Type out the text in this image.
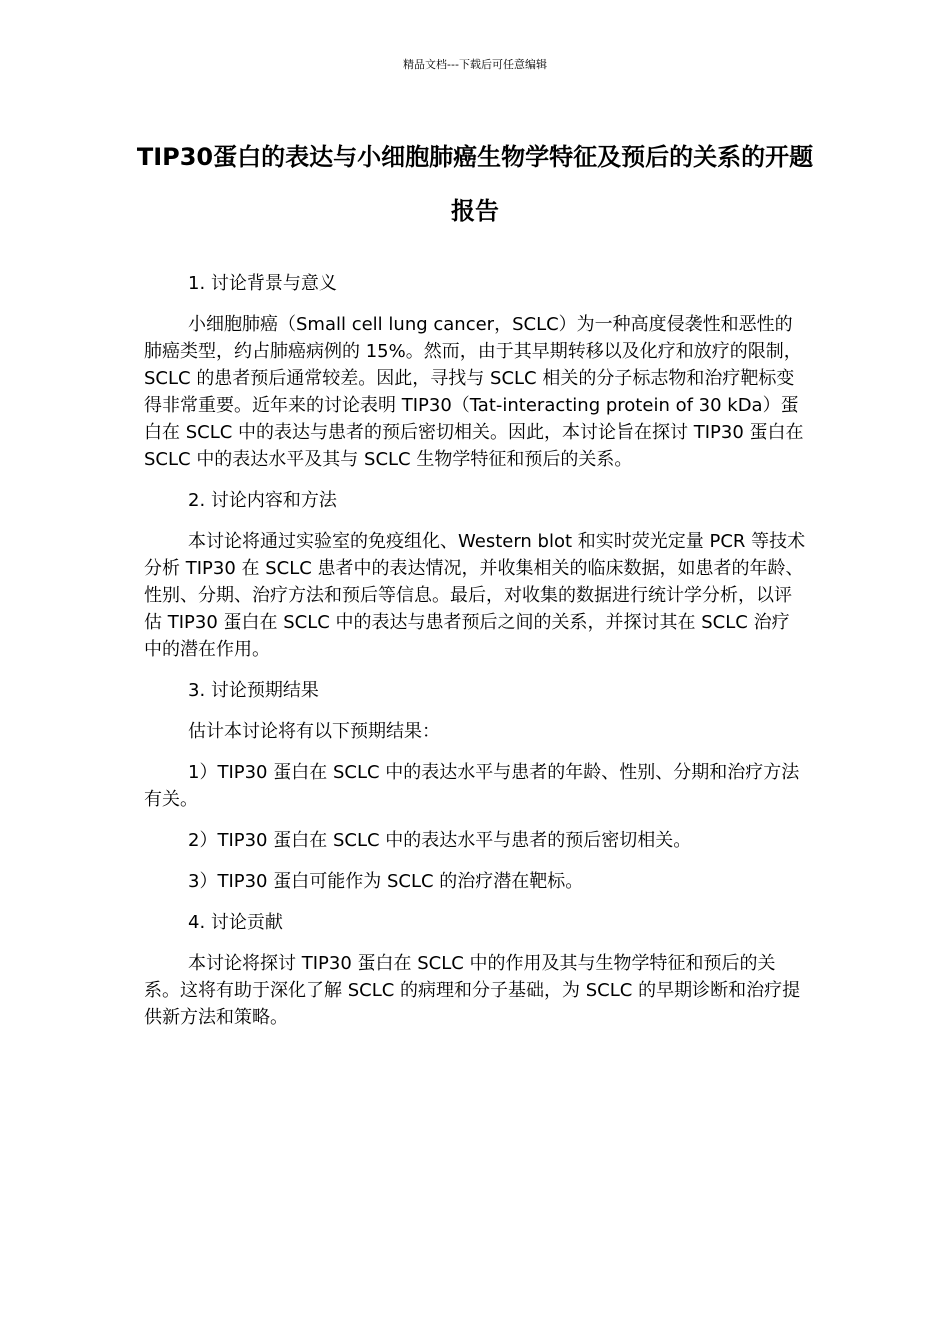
精品文档---下载后可任意编辑
TIP30蛋白的表达与小细胞肺癌生物学特征及预后的关系的开题报告

1. 讨论背景与意义

小细胞肺癌（Small cell lung cancer，SCLC）为一种高度侵袭性和恶性的肺癌类型，约占肺癌病例的 15%。然而，由于其早期转移以及化疗和放疗的限制，SCLC 的患者预后通常较差。因此，寻找与 SCLC 相关的分子标志物和治疗靶标变得非常重要。近年来的讨论表明 TIP30（Tat-interacting protein of 30 kDa）蛋白在 SCLC 中的表达与患者的预后密切相关。因此，本讨论旨在探讨 TIP30 蛋白在 SCLC 中的表达水平及其与 SCLC 生物学特征和预后的关系。

2. 讨论内容和方法

本讨论将通过实验室的免疫组化、Western blot 和实时荧光定量 PCR 等技术分析 TIP30 在 SCLC 患者中的表达情况，并收集相关的临床数据，如患者的年龄、性别、分期、治疗方法和预后等信息。最后，对收集的数据进行统计学分析，以评估 TIP30 蛋白在 SCLC 中的表达与患者预后之间的关系，并探讨其在 SCLC 治疗中的潜在作用。

3. 讨论预期结果

估计本讨论将有以下预期结果：

1）TIP30 蛋白在 SCLC 中的表达水平与患者的年龄、性别、分期和治疗方法有关。

2）TIP30 蛋白在 SCLC 中的表达水平与患者的预后密切相关。

3）TIP30 蛋白可能作为 SCLC 的治疗潜在靶标。

4. 讨论贡献

本讨论将探讨 TIP30 蛋白在 SCLC 中的作用及其与生物学特征和预后的关系。这将有助于深化了解 SCLC 的病理和分子基础，为 SCLC 的早期诊断和治疗提供新方法和策略。
